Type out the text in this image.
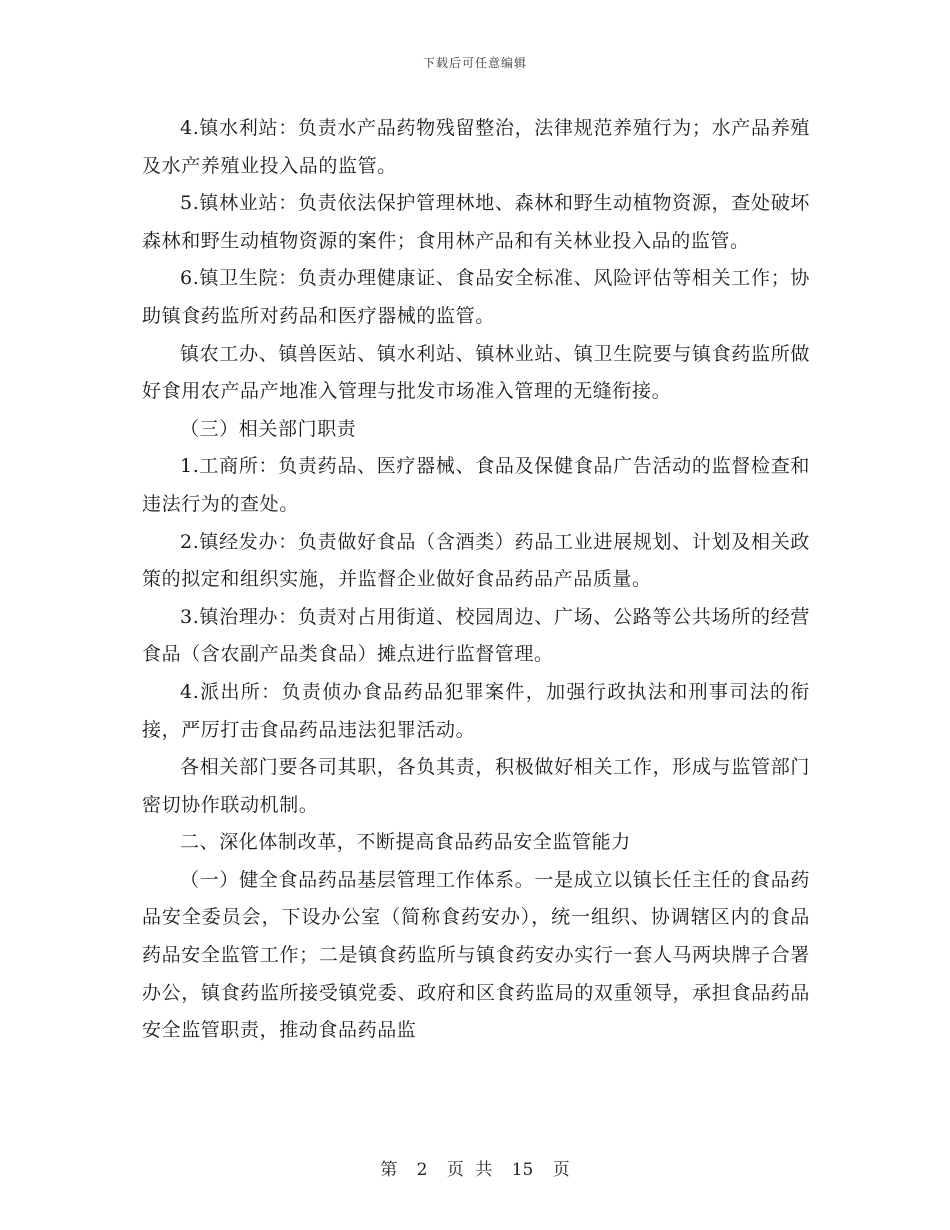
下载后可任意编辑

4.镇水利站：负责水产品药物残留整治，法律规范养殖行为；水产品养殖及水产养殖业投入品的监管。

5.镇林业站：负责依法保护管理林地、森林和野生动植物资源，查处破坏森林和野生动植物资源的案件；食用林产品和有关林业投入品的监管。

6.镇卫生院：负责办理健康证、食品安全标准、风险评估等相关工作；协助镇食药监所对药品和医疗器械的监管。

镇农工办、镇兽医站、镇水利站、镇林业站、镇卫生院要与镇食药监所做好食用农产品产地准入管理与批发市场准入管理的无缝衔接。

（三）相关部门职责

1.工商所：负责药品、医疗器械、食品及保健食品广告活动的监督检查和违法行为的查处。

2.镇经发办：负责做好食品（含酒类）药品工业进展规划、计划及相关政策的拟定和组织实施，并监督企业做好食品药品产品质量。

3.镇治理办：负责对占用街道、校园周边、广场、公路等公共场所的经营食品（含农副产品类食品）摊点进行监督管理。

4.派出所：负责侦办食品药品犯罪案件，加强行政执法和刑事司法的衔接，严厉打击食品药品违法犯罪活动。

各相关部门要各司其职，各负其责，积极做好相关工作，形成与监管部门密切协作联动机制。

二、深化体制改革，不断提高食品药品安全监管能力

（一）健全食品药品基层管理工作体系。一是成立以镇长任主任的食品药品安全委员会，下设办公室（简称食药安办），统一组织、协调辖区内的食品药品安全监管工作；二是镇食药监所与镇食药安办实行一套人马两块牌子合署办公，镇食药监所接受镇党委、政府和区食药监局的双重领导，承担食品药品安全监管职责，推动食品药品监

第 2 页 共 15 页
